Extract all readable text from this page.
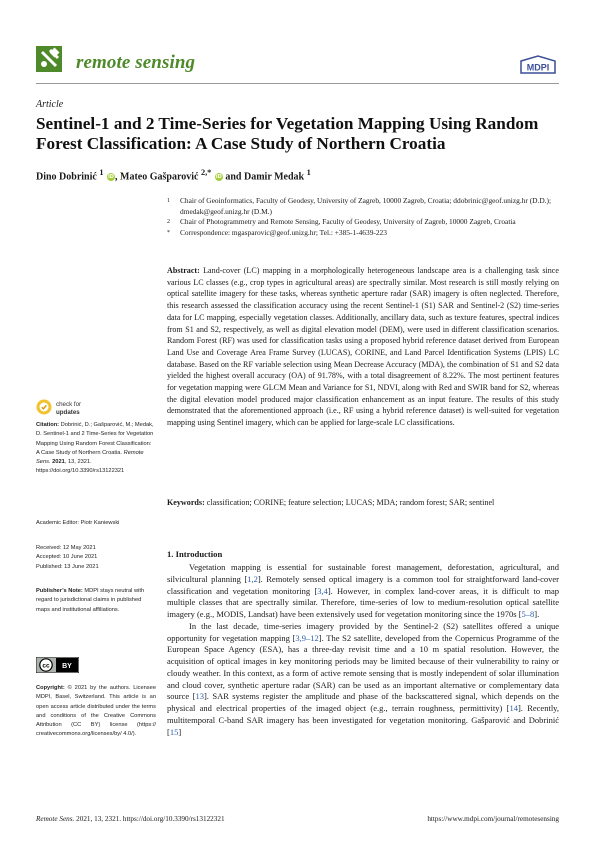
remote sensing	MDPI
Article
Sentinel-1 and 2 Time-Series for Vegetation Mapping Using Random Forest Classification: A Case Study of Northern Croatia
Dino Dobrinić $^1$ iD, Mateo Gašparović $^{2,*}$ iD and Damir Medak $^1$
1 Chair of Geoinformatics, Faculty of Geodesy, University of Zagreb, 10000 Zagreb, Croatia; ddobrinic@geof.unizg.hr (D.D.); dmedak@geof.unizg.hr (D.M.)
2 Chair of Photogrammetry and Remote Sensing, Faculty of Geodesy, University of Zagreb, 10000 Zagreb, Croatia
* Correspondence: mgasparovic@geof.unizg.hr; Tel.: +385-1-4639-223
Abstract: Land-cover (LC) mapping in a morphologically heterogeneous landscape area is a challenging task since various LC classes (e.g., crop types in agricultural areas) are spectrally similar. Most research is still mostly relying on optical satellite imagery for these tasks, whereas synthetic aperture radar (SAR) imagery is often neglected. Therefore, this research assessed the classification accuracy using the recent Sentinel-1 (S1) SAR and Sentinel-2 (S2) time-series data for LC mapping, especially vegetation classes. Additionally, ancillary data, such as texture features, spectral indices from S1 and S2, respectively, as well as digital elevation model (DEM), were used in different classification scenarios. Random Forest (RF) was used for classification tasks using a proposed hybrid reference dataset derived from European Land Use and Coverage Area Frame Survey (LUCAS), CORINE, and Land Parcel Identification Systems (LPIS) LC database. Based on the RF variable selection using Mean Decrease Accuracy (MDA), the combination of S1 and S2 data yielded the highest overall accuracy (OA) of 91.78%, with a total disagreement of 8.22%. The most pertinent features for vegetation mapping were GLCM Mean and Variance for S1, NDVI, along with Red and SWIR band for S2, whereas the digital elevation model produced major classification enhancement as an input feature. The results of this study demonstrated that the aforementioned approach (i.e., RF using a hybrid reference dataset) is well-suited for vegetation mapping using Sentinel imagery, which can be applied for large-scale LC classifications.
Keywords: classification; CORINE; feature selection; LUCAS; MDA; random forest; SAR; sentinel
check for
updates
Citation: Dobrinić, D.; Gašparović, M.; Medak, D. Sentinel-1 and 2 Time-Series for Vegetation Mapping Using Random Forest Classification: A Case Study of Northern Croatia. Remote Sens. 2021, 13, 2321. https://doi.org/10.3390/rs13122321
Academic Editor: Piotr Kaniewski
Received: 12 May 2021
Accepted: 10 June 2021
Published: 13 June 2021
Publisher’s Note: MDPI stays neutral with regard to jurisdictional claims in published maps and institutional affiliations.
cc BY
Copyright: © 2021 by the authors. Licensee MDPI, Basel, Switzerland. This article is an open access article distributed under the terms and conditions of the Creative Commons Attribution (CC BY) license (https:// creativecommons.org/licenses/by/ 4.0/).
1. Introduction

Vegetation mapping is essential for sustainable forest management, deforestation, agricultural, and silvicultural planning [1,2]. Remotely sensed optical imagery is a common tool for straightforward land-cover classification and vegetation monitoring [3,4]. However, in complex land-cover areas, it is difficult to map multiple classes that are spectrally similar. Therefore, time-series of low to medium-resolution optical satellite imagery (e.g., MODIS, Landsat) have been extensively used for vegetation monitoring since the 1970s [5–8].

In the last decade, time-series imagery provided by the Sentinel-2 (S2) satellites offered a unique opportunity for vegetation mapping [3,9–12]. The S2 satellite, developed from the Copernicus Programme of the European Space Agency (ESA), has a three-day revisit time and a 10 m spatial resolution. However, the acquisition of optical images in key monitoring periods may be limited because of their vulnerability to rainy or cloudy weather. In this context, as a form of active remote sensing that is mostly independent of solar illumination and cloud cover, synthetic aperture radar (SAR) can be used as an important alternative or complementary data source [13]. SAR systems register the amplitude and phase of the backscattered signal, which depends on the physical and electrical properties of the imaged object (e.g., terrain roughness, permittivity) [14]. Recently, multitemporal C-band SAR imagery has been investigated for vegetation monitoring. Gašparović and Dobrinić [15]

Remote Sens. 2021, 13, 2321. https://doi.org/10.3390/rs13122321	https://www.mdpi.com/journal/remotesensing
